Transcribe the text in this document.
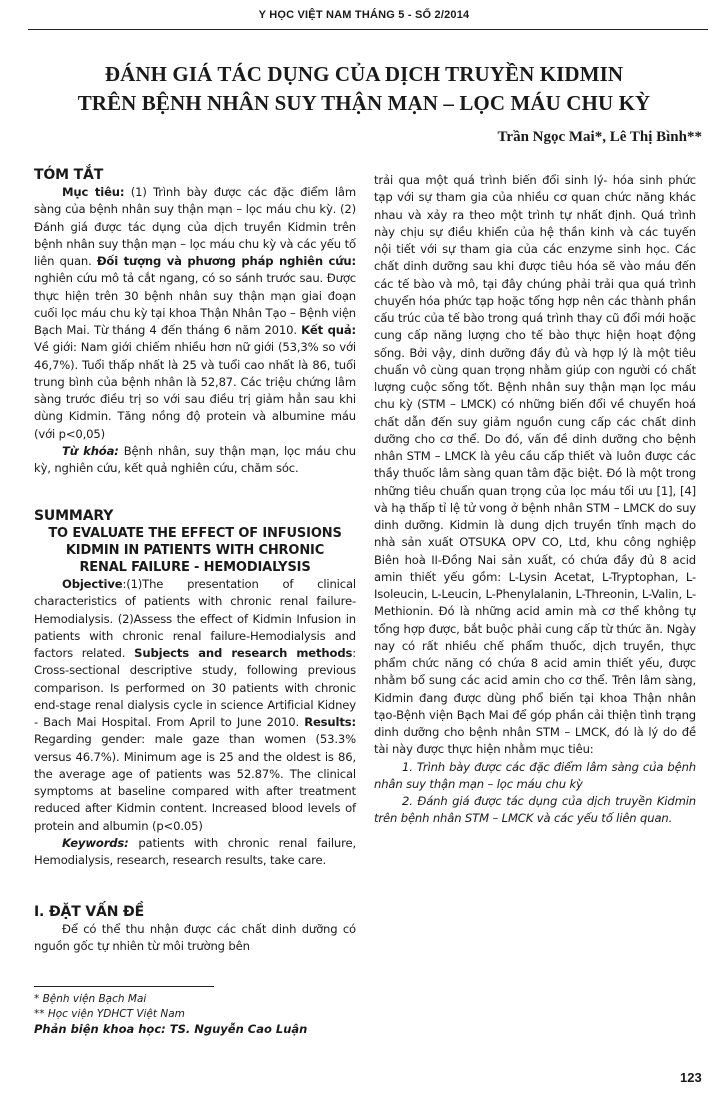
Y HỌC VIỆT NAM THÁNG 5 - SỐ 2/2014
ĐÁNH GIÁ TÁC DỤNG CỦA DỊCH TRUYỀN KIDMIN
TRÊN BỆNH NHÂN SUY THẬN MẠN – LỌC MÁU CHU KỲ
Trần Ngọc Mai*, Lê Thị Bình**
TÓM TẮT

Mục tiêu: (1) Trình bày được các đặc điểm lâm sàng của bệnh nhân suy thận mạn – lọc máu chu kỳ. (2) Đánh giá được tác dụng của dịch truyền Kidmin trên bệnh nhân suy thận mạn – lọc máu chu kỳ và các yếu tố liên quan. Đối tượng và phương pháp nghiên cứu: nghiên cứu mô tả cắt ngang, có so sánh trước sau. Được thực hiện trên 30 bệnh nhân suy thận mạn giai đoạn cuối lọc máu chu kỳ tại khoa Thận Nhân Tạo – Bệnh viện Bạch Mai. Từ tháng 4 đến tháng 6 năm 2010. Kết quả: Về giới: Nam giới chiếm nhiều hơn nữ giới (53,3% so với 46,7%). Tuổi thấp nhất là 25 và tuổi cao nhất là 86, tuổi trung bình của bệnh nhân là 52,87. Các triệu chứng lâm sàng trước điều trị so với sau điều trị giảm hẳn sau khi dùng Kidmin. Tăng nồng độ protein và albumine máu (với p<0,05)

Từ khóa: Bệnh nhân, suy thận mạn, lọc máu chu kỳ, nghiên cứu, kết quả nghiên cứu, chăm sóc.

SUMMARY
TO EVALUATE THE EFFECT OF INFUSIONS
KIDMIN IN PATIENTS WITH CHRONIC
RENAL FAILURE - HEMODIALYSIS

Objective:(1)The presentation of clinical characteristics of patients with chronic renal failure-Hemodialysis. (2)Assess the effect of Kidmin Infusion in patients with chronic renal failure-Hemodialysis and factors related. Subjects and research methods: Cross-sectional descriptive study, following previous comparison. Is performed on 30 patients with chronic end-stage renal dialysis cycle in science Artificial Kidney - Bach Mai Hospital. From April to June 2010. Results: Regarding gender: male gaze than women (53.3% versus 46.7%). Minimum age is 25 and the oldest is 86, the average age of patients was 52.87%. The clinical symptoms at baseline compared with after treatment reduced after Kidmin content. Increased blood levels of protein and albumin (p<0.05)

Keywords: patients with chronic renal failure, Hemodialysis, research, research results, take care.

I. ĐẶT VẤN ĐỀ

Để có thể thu nhận được các chất dinh dưỡng có nguồn gốc tự nhiên từ môi trường bên

* Bệnh viện Bạch Mai
** Học viện YDHCT Việt Nam
Phản biện khoa học: TS. Nguyễn Cao Luận

trải qua một quá trình biến đổi sinh lý- hóa sinh phức tạp với sự tham gia của nhiều cơ quan chức năng khác nhau và xảy ra theo một trình tự nhất định. Quá trình này chịu sự điều khiển của hệ thần kinh và các tuyến nội tiết với sự tham gia của các enzyme sinh học. Các chất dinh dưỡng sau khi được tiêu hóa sẽ vào máu đến các tế bào và mô, tại đây chúng phải trải qua quá trình chuyển hóa phức tạp hoặc tổng hợp nên các thành phần cấu trúc của tế bào trong quá trình thay cũ đổi mới hoặc cung cấp năng lượng cho tế bào thực hiện hoạt động sống. Bởi vậy, dinh dưỡng đầy đủ và hợp lý là một tiêu chuẩn vô cùng quan trọng nhằm giúp con người có chất lượng cuộc sống tốt. Bệnh nhân suy thận mạn lọc máu chu kỳ (STM – LMCK) có những biến đổi về chuyển hoá chất dẫn đến suy giảm nguồn cung cấp các chất dinh dưỡng cho cơ thể. Do đó, vấn đề dinh dưỡng cho bệnh nhân STM – LMCK là yêu cầu cấp thiết và luôn được các thầy thuốc lâm sàng quan tâm đặc biệt. Đó là một trong những tiêu chuẩn quan trọng của lọc máu tối ưu [1], [4] và hạ thấp tỉ lệ tử vong ở bệnh nhân STM – LMCK do suy dinh dưỡng. Kidmin là dung dịch truyền tĩnh mạch do nhà sản xuất OTSUKA OPV CO, Ltd, khu công nghiệp Biên hoà II-Đồng Nai sản xuất, có chứa đầy đủ 8 acid amin thiết yếu gồm: L-Lysin Acetat, L-Tryptophan, L-Isoleucin, L-Leucin, L-Phenylalanin, L-Threonin, L-Valin, L-Methionin. Đó là những acid amin mà cơ thể không tự tổng hợp được, bắt buộc phải cung cấp từ thức ăn. Ngày nay có rất nhiều chế phẩm thuốc, dịch truyền, thực phẩm chức năng có chứa 8 acid amin thiết yếu, được nhằm bổ sung các acid amin cho cơ thể. Trên lâm sàng, Kidmin đang được dùng phổ biến tại khoa Thận nhân tạo-Bệnh viện Bạch Mai để góp phần cải thiện tình trạng dinh dưỡng cho bệnh nhân STM – LMCK, đó là lý do đề tài này được thực hiện nhằm mục tiêu:

1. Trình bày được các đặc điểm lâm sàng của bệnh nhân suy thận mạn – lọc máu chu kỳ

2. Đánh giá được tác dụng của dịch truyền Kidmin trên bệnh nhân STM – LMCK và các yếu tố liên quan.

123
